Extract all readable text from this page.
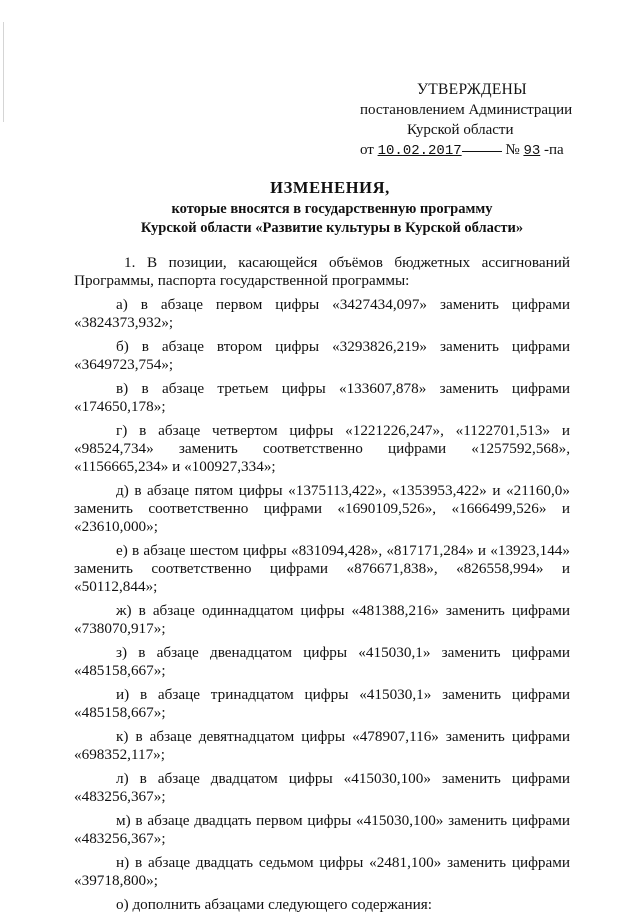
УТВЕРЖДЕНЫ
постановлением Администрации
Курской области
от 10.02.2017	№ 93 -па
ИЗМЕНЕНИЯ,
которые вносятся в государственную программу
Курской области «Развитие культуры в Курской области»

1. В позиции, касающейся объёмов бюджетных ассигнований Программы, паспорта государственной программы:

а) в абзаце первом цифры «3427434,097» заменить цифрами «3824373,932»;

б) в абзаце втором цифры «3293826,219» заменить цифрами «3649723,754»;

в) в абзаце третьем цифры «133607,878» заменить цифрами «174650,178»;

г) в абзаце четвертом цифры «1221226,247», «1122701,513» и «98524,734» заменить соответственно цифрами «1257592,568», «1156665,234» и «100927,334»;

д) в абзаце пятом цифры «1375113,422», «1353953,422» и «21160,0» заменить соответственно цифрами «1690109,526», «1666499,526» и «23610,000»;

е) в абзаце шестом цифры «831094,428», «817171,284» и «13923,144» заменить соответственно цифрами «876671,838», «826558,994» и «50112,844»;

ж) в абзаце одиннадцатом цифры «481388,216» заменить цифрами «738070,917»;

з) в абзаце двенадцатом цифры «415030,1» заменить цифрами «485158,667»;

и) в абзаце тринадцатом цифры «415030,1» заменить цифрами «485158,667»;

к) в абзаце девятнадцатом цифры «478907,116» заменить цифрами «698352,117»;

л) в абзаце двадцатом цифры «415030,100» заменить цифрами «483256,367»;

м) в абзаце двадцать первом цифры «415030,100» заменить цифрами «483256,367»;

н) в абзаце двадцать седьмом цифры «2481,100» заменить цифрами «39718,800»;

о) дополнить абзацами следующего содержания:
